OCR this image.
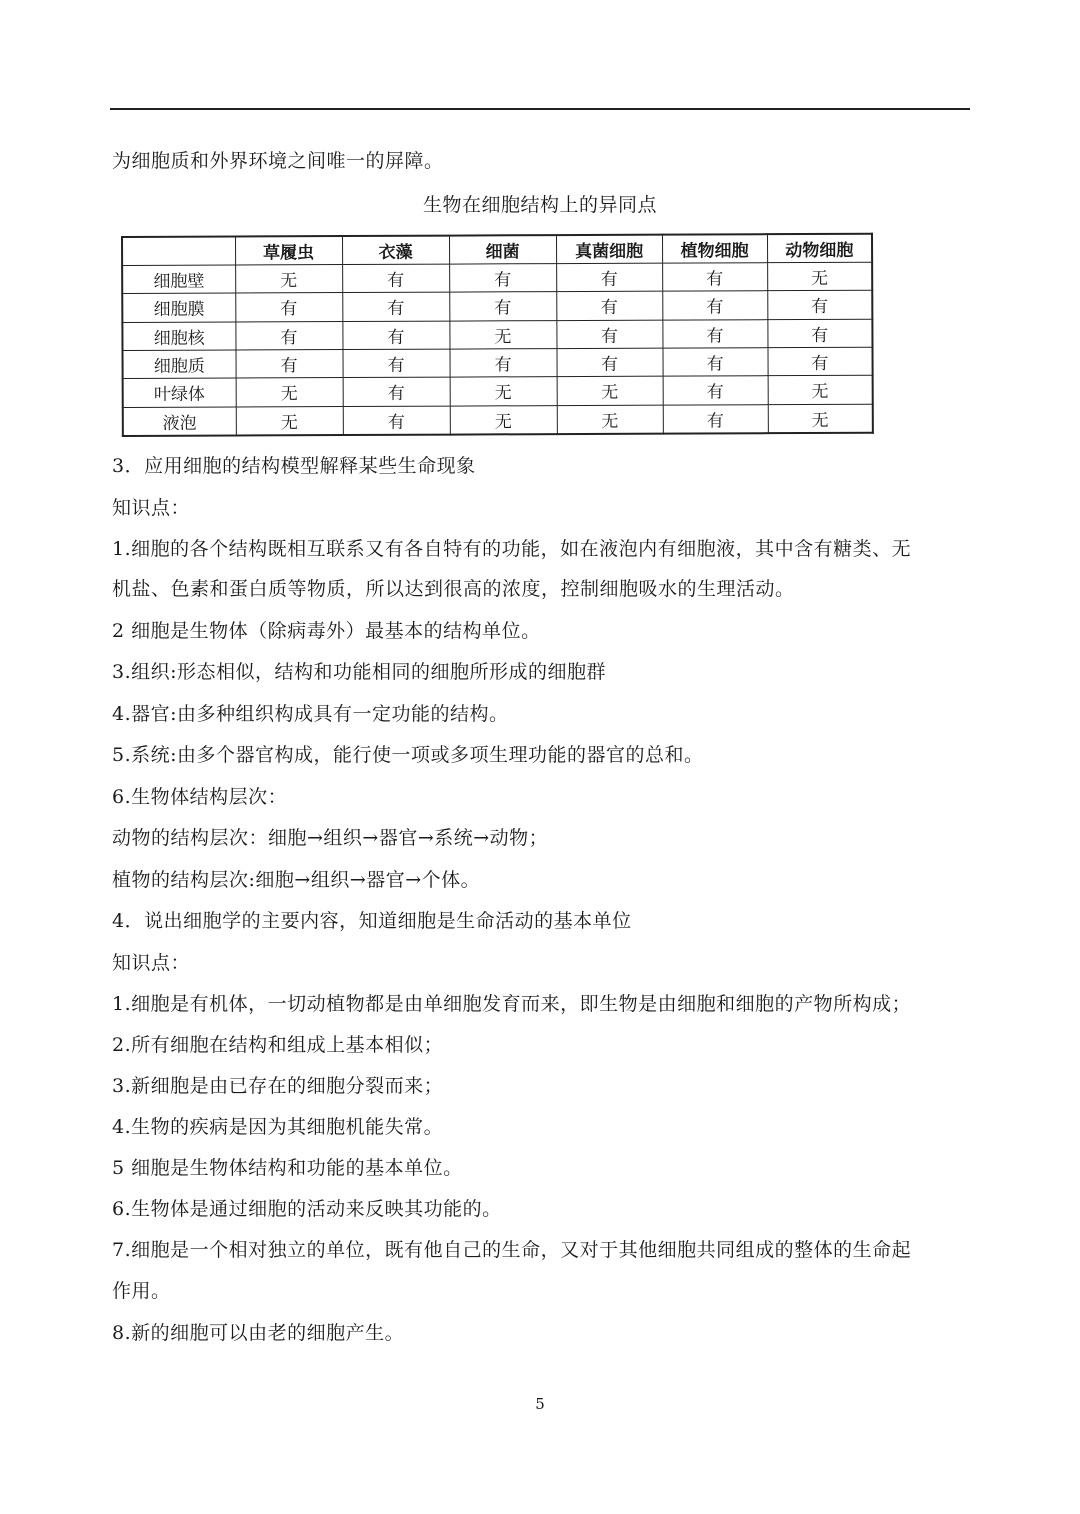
为细胞质和外界环境之间唯一的屏障。
生物在细胞结构上的异同点
	草履虫	衣藻	细菌	真菌细胞	植物细胞	动物细胞
细胞壁	无	有	有	有	有	无
细胞膜	有	有	有	有	有	有
细胞核	有	有	无	有	有	有
细胞质	有	有	有	有	有	有
叶绿体	无	有	无	无	有	无
液泡	无	有	无	无	有	无
3．应用细胞的结构模型解释某些生命现象
知识点：
1.细胞的各个结构既相互联系又有各自特有的功能，如在液泡内有细胞液，其中含有糖类、无
机盐、色素和蛋白质等物质，所以达到很高的浓度，控制细胞吸水的生理活动。
2 细胞是生物体（除病毒外）最基本的结构单位。
3.组织:形态相似，结构和功能相同的细胞所形成的细胞群
4.器官:由多种组织构成具有一定功能的结构。
5.系统:由多个器官构成，能行使一项或多项生理功能的器官的总和。
6.生物体结构层次：
动物的结构层次：细胞→组织→器官→系统→动物；
植物的结构层次:细胞→组织→器官→个体。
4．说出细胞学的主要内容，知道细胞是生命活动的基本单位
知识点：
1.细胞是有机体，一切动植物都是由单细胞发育而来，即生物是由细胞和细胞的产物所构成；
2.所有细胞在结构和组成上基本相似；
3.新细胞是由已存在的细胞分裂而来；
4.生物的疾病是因为其细胞机能失常。
5 细胞是生物体结构和功能的基本单位。
6.生物体是通过细胞的活动来反映其功能的。
7.细胞是一个相对独立的单位，既有他自己的生命，又对于其他细胞共同组成的整体的生命起
作用。
8.新的细胞可以由老的细胞产生。
5
